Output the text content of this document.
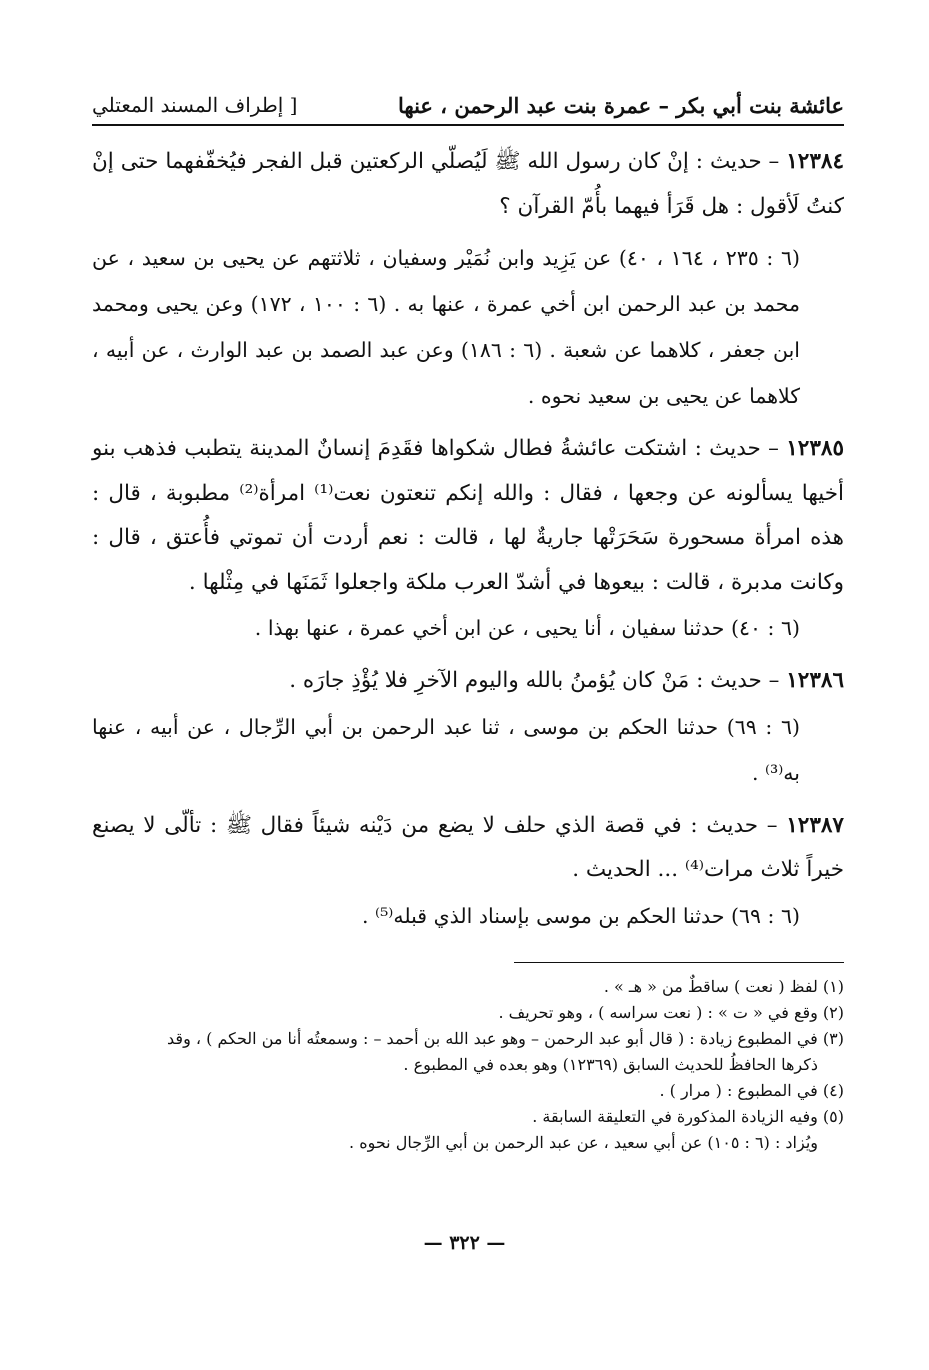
عائشة بنت أبي بكر – عمرة بنت عبد الرحمن ، عنها
[ إطراف المسند المعتلي

١٢٣٨٤ – حديث : إنْ كان رسول الله ﷺ لَيُصلّي الركعتين قبل الفجر فيُخفّفهما حتى إنْ كنتُ لَأقول : هل قَرَأ فيهما بأُمّ القرآن ؟

(٦ : ٢٣٥ ، ١٦٤ ، ٤٠) عن يَزِيد وابن نُمَيْر وسفيان ، ثلاثتهم عن يحيى بن سعيد ، عن محمد بن عبد الرحمن ابن أخي عمرة ، عنها به . (٦ : ١٠٠ ، ١٧٢) وعن يحيى ومحمد ابن جعفر ، كلاهما عن شعبة . (٦ : ١٨٦) وعن عبد الصمد بن عبد الوارث ، عن أبيه ، كلاهما عن يحيى بن سعيد نحوه .

١٢٣٨٥ – حديث : اشتكت عائشةُ فطال شكواها فقَدِمَ إنسانٌ المدينة يتطبب فذهب بنو أخيها يسألونه عن وجعها ، فقال : والله إنكم تنعتون نعت⁽¹⁾ امرأة⁽²⁾ مطبوبة ، قال : هذه امرأة مسحورة سَحَرَتْها جاريةٌ لها ، قالت : نعم أردت أن تموتي فأُعتق ، قال : وكانت مدبرة ، قالت : بيعوها في أشدّ العرب ملكة واجعلوا ثَمَنَها في مِثْلها .

(٦ : ٤٠) حدثنا سفيان ، أنا يحيى ، عن ابن أخي عمرة ، عنها بهذا .

١٢٣٨٦ – حديث : مَنْ كان يُؤمنُ بالله واليوم الآخرِ فلا يُؤْذِ جارَه .

(٦ : ٦٩) حدثنا الحكم بن موسى ، ثنا عبد الرحمن بن أبي الرِّجال ، عن أبيه ، عنها به⁽³⁾ .

١٢٣٨٧ – حديث : في قصة الذي حلف لا يضع من دَيْنه شيئاً فقال ﷺ : تألّى لا يصنع خيراً ثلاث مرات⁽⁴⁾ ... الحديث .

(٦ : ٦٩) حدثنا الحكم بن موسى بإسناد الذي قبله⁽⁵⁾ .

(١) لفظ ( نعت ) ساقطٌ من « هـ » .

(٢) وقع في « ت » : ( نعت سراسه ) ، وهو تحريف .

(٣) في المطبوع زيادة : ( قال أبو عبد الرحمن – وهو عبد الله بن أحمد – : وسمعتُه أنا من الحكم ) ، وقد

ذكرها الحافظُ للحديث السابق (١٢٣٦٩) وهو بعده في المطبوع .

(٤) في المطبوع : ( مرار ) .

(٥) وفيه الزيادة المذكورة في التعليقة السابقة .

ويُزاد : (٦ : ١٠٥) عن أبي سعيد ، عن عبد الرحمن بن أبي الرِّجال نحوه .

— ٣٢٢ —
